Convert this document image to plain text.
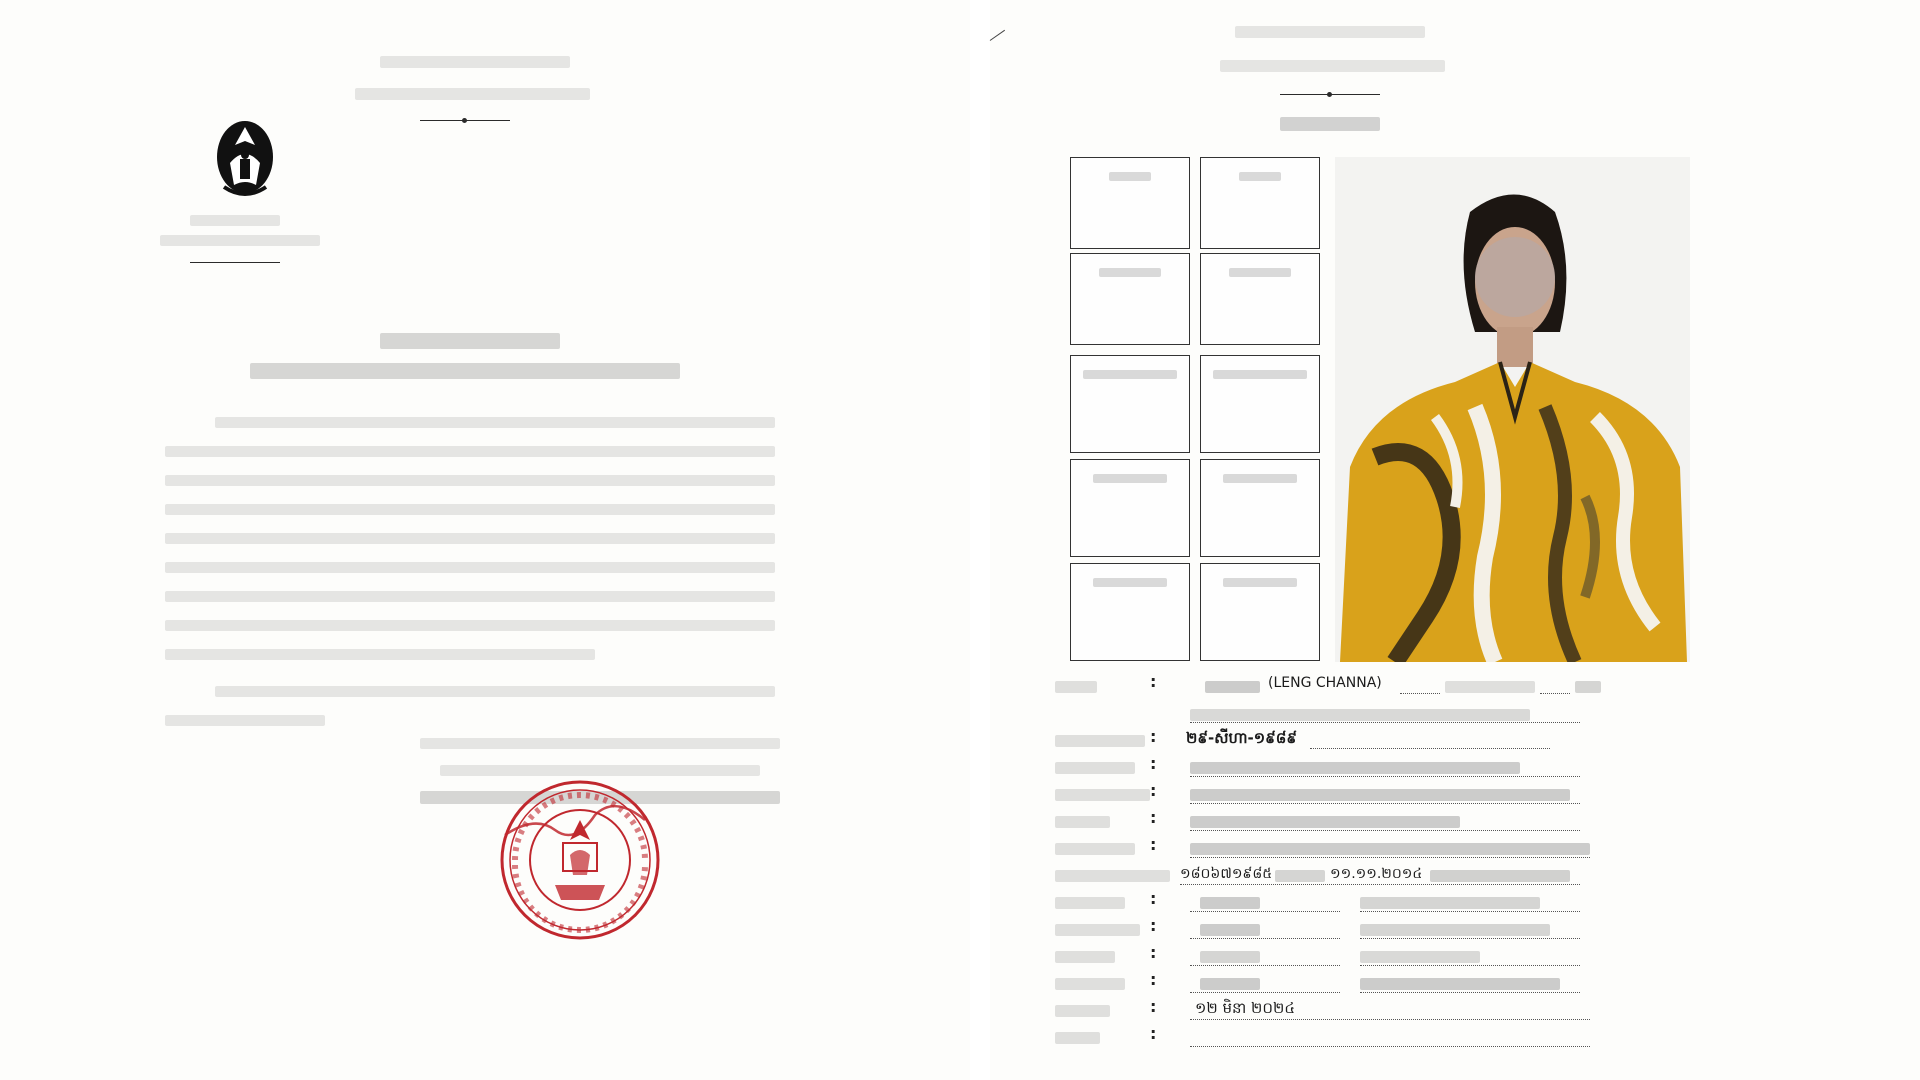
:	(LENG CHANNA)
: ២៩-សីហា-១៩៨៩
:
:
:
:
១៨០៦៧១៩៨៥	១១.១១.២០១៤
:
:
:
:
:	១២ មិនា ២០២៤
:
